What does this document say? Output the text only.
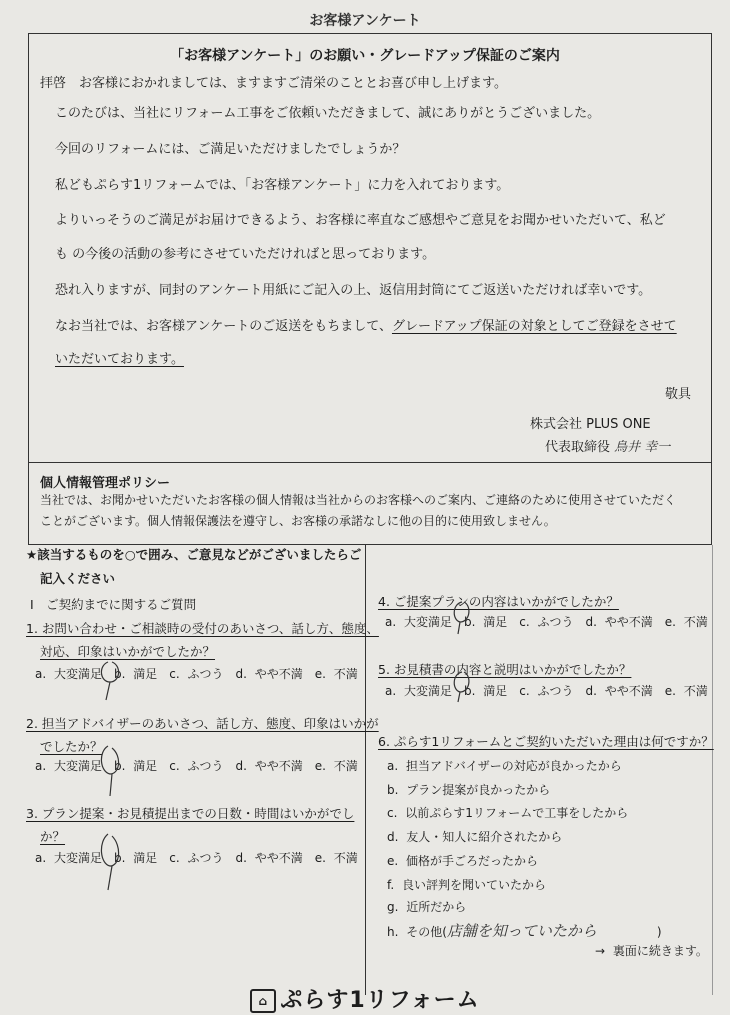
お客様アンケート
「お客様アンケート」のお願い・グレードアップ保証のご案内
拝啓　お客様におかれましては、ますますご清栄のこととお喜び申し上げます。
このたびは、当社にリフォーム工事をご依頼いただきまして、誠にありがとうございました。
今回のリフォームには、ご満足いただけましたでしょうか？
私どもぷらす1リフォームでは、「お客様アンケート」に力を入れております。
よりいっそうのご満足がお届けできるよう、お客様に率直なご感想やご意見をお聞かせいただいて、私ど
も の今後の活動の参考にさせていただければと思っております。
恐れ入りますが、同封のアンケート用紙にご記入の上、返信用封筒にてご返送いただければ幸いです。
なお当社では、お客様アンケートのご返送をもちまして、グレードアップ保証の対象としてご登録をさせて
いただいております。
敬具
株式会社 PLUS ONE
代表取締役 鳥井 幸一
個人情報管理ポリシー
当社では、お聞かせいただいたお客様の個人情報は当社からのお客様へのご案内、ご連絡のために使用させていただく
ことがございます。個人情報保護法を遵守し、お客様の承諾なしに他の目的に使用致しません。
★該当するものを○で囲み、ご意見などがございましたらご
記入ください
Ⅰ　ご契約までに関するご質問
1. お問い合わせ・ご相談時の受付のあいさつ、話し方、態度、
対応、印象はいかがでしたか？
a. 大変満足　b. 満足　c. ふつう　d. やや不満　e. 不満
2. 担当アドバイザーのあいさつ、話し方、態度、印象はいかが
でしたか？
a. 大変満足　b. 満足　c. ふつう　d. やや不満　e. 不満
3. プラン提案・お見積提出までの日数・時間はいかがでし
か？
a. 大変満足　b. 満足　c. ふつう　d. やや不満　e. 不満
4. ご提案プランの内容はいかがでしたか？
a. 大変満足　b. 満足　c. ふつう　d. やや不満　e. 不満
5. お見積書の内容と説明はいかがでしたか？
a. 大変満足　b. 満足　c. ふつう　d. やや不満　e. 不満
6. ぷらす1リフォームとご契約いただいた理由は何ですか？
a. 担当アドバイザーの対応が良かったから
b. プラン提案が良かったから
c. 以前ぷらす1リフォームで工事をしたから
d. 友人・知人に紹介されたから
e. 価格が手ごろだったから
f. 良い評判を聞いていたから
g. 近所だから
h. その他(店舗を知っていたから	)
→ 裏面に続きます。
⌂ ぷらす1リフォーム
